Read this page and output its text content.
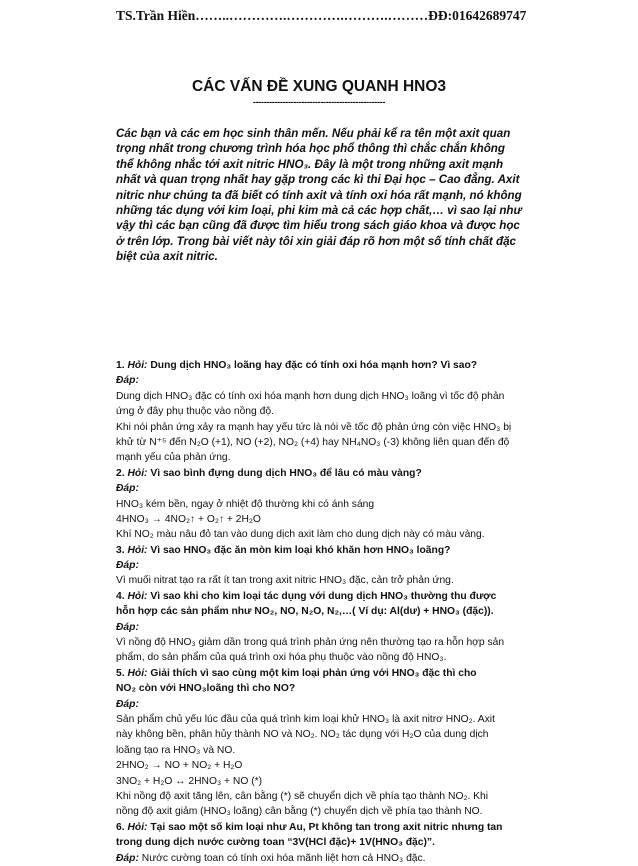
TS.Trần Hiền……..………….………….……….………ĐĐ:01642689747
CÁC VẤN ĐỀ XUNG QUANH HNO3
-------------------------------------------------
Các bạn và các em học sinh thân mến. Nếu phải kể ra tên một axit quan
trọng nhất trong chương trình hóa học phổ thông thì chắc chắn không
thể không nhắc tới axit nitric HNO₃. Đây là một trong những axit mạnh
nhất và quan trọng nhất hay gặp trong các kì thi Đại học – Cao đẳng. Axit
nitric như chúng ta đã biết có tính axit và tính oxi hóa rất mạnh, nó không
những tác dụng với kim loại, phi kim mà cả các hợp chất,… vì sao lại như
vậy thì các bạn cũng đã được tìm hiểu trong sách giáo khoa và được học
ở trên lớp. Trong bài viết này tôi xin giải đáp rõ hơn một số tính chất đặc
biệt của axit nitric.
1. Hỏi: Dung dịch HNO₃ loãng hay đặc có tính oxi hóa mạnh hơn? Vì sao?
Đáp:
Dung dịch HNO₃ đặc có tính oxi hóa mạnh hơn dung dịch HNO₃ loãng vì tốc độ phản
ứng ở đây phụ thuộc vào nồng độ.
Khi nói phản ứng xảy ra mạnh hay yếu tức là nói về tốc độ phản ứng còn việc HNO₃ bị
khử từ N⁺⁵ đến N₂O (+1), NO (+2), NO₂ (+4) hay NH₄NO₃ (-3) không liên quan đến độ
mạnh yếu của phản ứng.
2. Hỏi: Vì sao bình đựng dung dịch HNO₃ để lâu có màu vàng?
Đáp:
HNO₃ kém bền, ngay ở nhiệt độ thường khi có ánh sáng
4HNO₃ → 4NO₂↑ + O₂↑ + 2H₂O
Khí NO₂ màu nâu đỏ tan vào dung dịch axit làm cho dung dịch này có màu vàng.
3. Hỏi: Vì sao HNO₃ đặc ăn mòn kim loại khó khăn hơn HNO₃ loãng?
Đáp:
Vì muối nitrat tạo ra rất ít tan trong axit nitric HNO₃ đặc, cản trở phản ứng.
4. Hỏi: Vì sao khi cho kim loại tác dụng với dung dịch HNO₃ thường thu được
hỗn hợp các sản phẩm như NO₂, NO, N₂O, N₂,…( Ví dụ: Al(dư) + HNO₃ (đặc)).
Đáp:
Vì nồng độ HNO₃ giảm dần trong quá trình phản ứng nên thường tạo ra hỗn hợp sản
phẩm, do sản phẩm của quá trình oxi hóa phụ thuộc vào nồng độ HNO₃.
5. Hỏi: Giải thích vì sao cùng một kim loại phản ứng với HNO₃ đặc thì cho
NO₂ còn với HNO₃loãng thì cho NO?
Đáp:
Sản phẩm chủ yếu lúc đầu của quá trình kim loại khử HNO₃ là axit nitrơ HNO₂. Axit
này không bền, phân hủy thành NO và NO₂. NO₂ tác dụng với H₂O của dung dịch
loãng tạo ra HNO₃ và NO.
2HNO₂ → NO + NO₂ + H₂O
3NO₂ + H₂O ↔ 2HNO₃ + NO (*)
Khi nồng độ axit tăng lên, cân bằng (*) sẽ chuyển dịch về phía tạo thành NO₂. Khi
nồng độ axit giảm (HNO₃ loãng) cân bằng (*) chuyển dịch về phía tạo thành NO.
6. Hỏi: Tại sao một số kim loại như Au, Pt không tan trong axit nitric nhưng tan
trong dung dịch nước cường toan “3V(HCl đặc)+ 1V(HNO₃ đặc)”.
Đáp: Nước cường toan có tính oxi hóa mãnh liệt hơn cả HNO₃ đặc.
